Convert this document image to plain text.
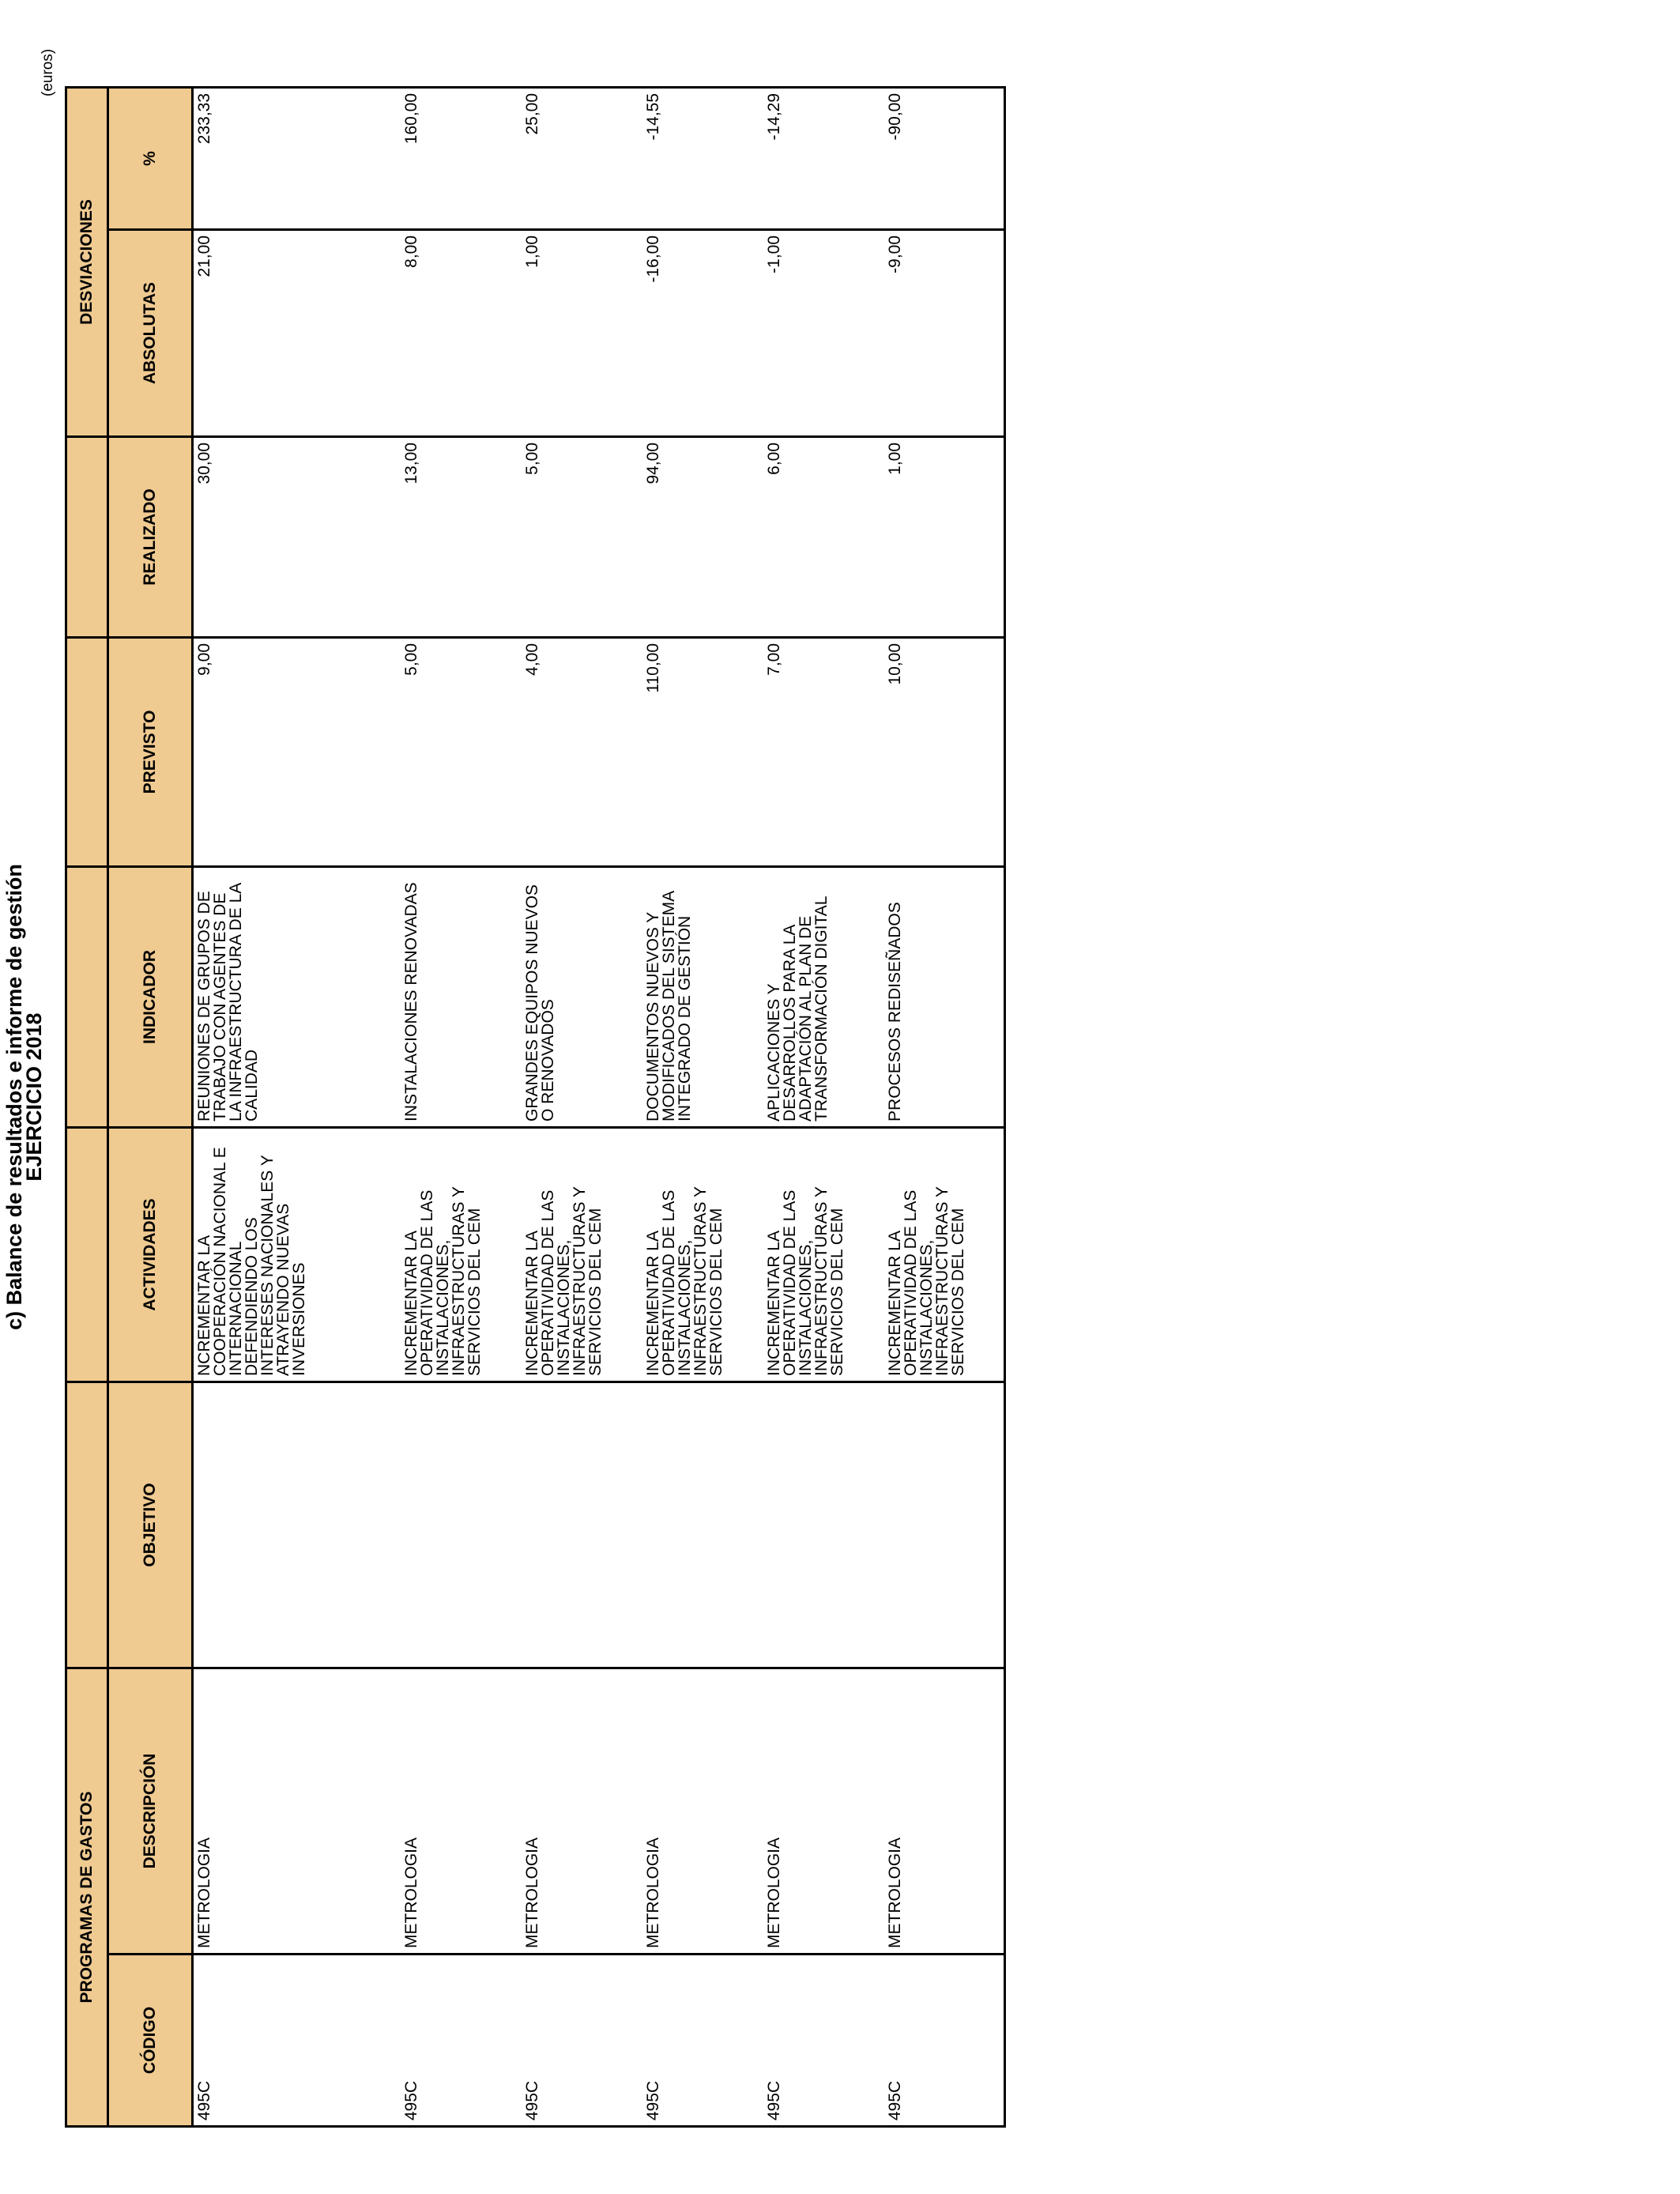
c) Balance de resultados e informe de gestión
EJERCICIO 2018
(euros)
PROGRAMAS DE GASTOS							DESVIACIONES	
CÓDIGO	DESCRIPCIÓN	OBJETIVO	ACTIVIDADES	INDICADOR	PREVISTO	REALIZADO	ABSOLUTAS	%
495C	METROLOGIA		NCREMENTAR LA COOPERACIÓN NACIONAL E INTERNACIONAL DEFENDIENDO LOS INTERESES NACIONALES Y ATRAYENDO NUEVAS INVERSIONES	REUNIONES DE GRUPOS DE TRABAJO CON AGENTES DE LA INFRAESTRUCTURA DE LA CALIDAD	9,00	30,00	21,00	233,33
495C	METROLOGIA		INCREMENTAR LA OPERATIVIDAD DE LAS INSTALACIONES, INFRAESTRUCTURAS Y SERVICIOS DEL CEM	INSTALACIONES RENOVADAS	5,00	13,00	8,00	160,00
495C	METROLOGIA		INCREMENTAR LA OPERATIVIDAD DE LAS INSTALACIONES, INFRAESTRUCTURAS Y SERVICIOS DEL CEM	GRANDES EQUIPOS NUEVOS O RENOVADOS	4,00	5,00	1,00	25,00
495C	METROLOGIA		INCREMENTAR LA OPERATIVIDAD DE LAS INSTALACIONES, INFRAESTRUCTURAS Y SERVICIOS DEL CEM	DOCUMENTOS NUEVOS Y MODIFICADOS DEL SISTEMA INTEGRADO DE GESTIÓN	110,00	94,00	-16,00	-14,55
495C	METROLOGIA		INCREMENTAR LA OPERATIVIDAD DE LAS INSTALACIONES, INFRAESTRUCTURAS Y SERVICIOS DEL CEM	APLICACIONES Y DESARROLLOS PARA LA ADAPTACIÓN AL PLAN DE TRANSFORMACIÓN DIGITAL	7,00	6,00	-1,00	-14,29
495C	METROLOGIA		INCREMENTAR LA OPERATIVIDAD DE LAS INSTALACIONES, INFRAESTRUCTURAS Y SERVICIOS DEL CEM	PROCESOS REDISEÑADOS	10,00	1,00	-9,00	-90,00
